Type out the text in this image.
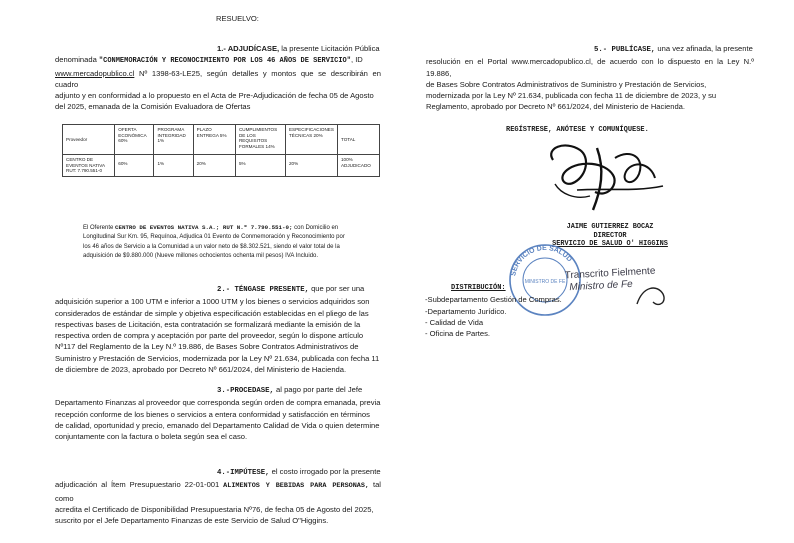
RESUELVO:
1.- ADJUDÍCASE, la presente Licitación Pública
denominada "CONMEMORACIÓN Y RECONOCIMIENTO POR LOS 46 AÑOS DE SERVICIO", ID
www.mercadopublico.cl Nº 1398-63-LE25, según detalles y montos que se describirán en cuadro
adjunto y en conformidad a lo propuesto en el Acta de Pre-Adjudicación de fecha 05 de Agosto
del 2025, emanada de la Comisión Evaluadora de Ofertas
Proveedor	OFERTA ECONÓMICA 60%	PROGRAMA INTEGRIDAD 1%	PLAZO ENTREGA 5%	CUMPLIMIENTOS DE LOS REQUISITOS FORMALES 14%	ESPECIFICACIONES TÉCNICAS 20%	TOTAL
CENTRO DE EVENTOS NATIVA RUT: 7.790.551-0	60%	1%	20%	5%	20%	100% ADJUDICADO
El Oferente CENTRO DE EVENTOS NATIVA S.A.; RUT N.º 7.790.551-0; con Domicilio en
Longitudinal Sur Km. 95, Requínoa, Adjudica 01 Evento de Conmemoración y Reconocimiento por
los 46 años de Servicio a la Comunidad a un valor neto de $8.302.521, siendo el valor total de la
adquisición de $9.880.000 (Nueve millones ochocientos ochenta mil pesos) IVA Incluido.
2.- TÉNGASE PRESENTE, que por ser una
adquisición superior a 100 UTM e inferior a 1000 UTM y los bienes o servicios adquiridos son
considerados de estándar de simple y objetiva especificación establecidas en el pliego de las
respectivas bases de Licitación, esta contratación se formalizará mediante la emisión de la
respectiva orden de compra y aceptación por parte del proveedor, según lo dispone artículo
Nº117 del Reglamento de la Ley N.º 19.886, de Bases Sobre Contratos Administrativos de
Suministro y Prestación de Servicios, modernizada por la Ley Nº 21.634, publicada con fecha 11
de diciembre de 2023, aprobado por Decreto Nº 661/2024, del Ministerio de Hacienda.
3.-PROCEDASE, al pago por parte del Jefe
Departamento Finanzas al proveedor que corresponda según orden de compra emanada, previa
recepción conforme de los bienes o servicios a entera conformidad y satisfacción en términos
de calidad, oportunidad y precio, emanado del Departamento Calidad de Vida o quien determine
conjuntamente con la factura o boleta según sea el caso.
4.-IMPÚTESE, el costo irrogado por la presente
adjudicación al Ítem Presupuestario 22-01-001 ALIMENTOS Y BEBIDAS PARA PERSONAS, tal como
acredita el Certificado de Disponibilidad Presupuestaria Nº76, de fecha 05 de Agosto del 2025,
suscrito por el Jefe Departamento Finanzas de este Servicio de Salud O"Higgins.
5.- PUBLÍCASE, una vez afinada, la presente
resolución en el Portal www.mercadopublico.cl, de acuerdo con lo dispuesto en la Ley N.º 19.886,
de Bases Sobre Contratos Administrativos de Suministro y Prestación de Servicios,
modernizada por la Ley Nº 21.634, publicada con fecha 11 de diciembre de 2023, y su
Reglamento, aprobado por Decreto Nº 661/2024, del Ministerio de Hacienda.
REGÍSTRESE, ANÓTESE Y COMUNÍQUESE.
JAIME GUTIERREZ BOCAZ
DIRECTOR
SERVICIO DE SALUD O' HIGGINS
SERVICIO DE SALUD
MINISTRO DE FE
Transcrito Fielmente
Ministro de Fe
DISTRIBUCIÓN:
-Subdepartamento Gestión de Compras.
-Departamento Jurídico.
- Calidad de Vida
- Oficina de Partes.
